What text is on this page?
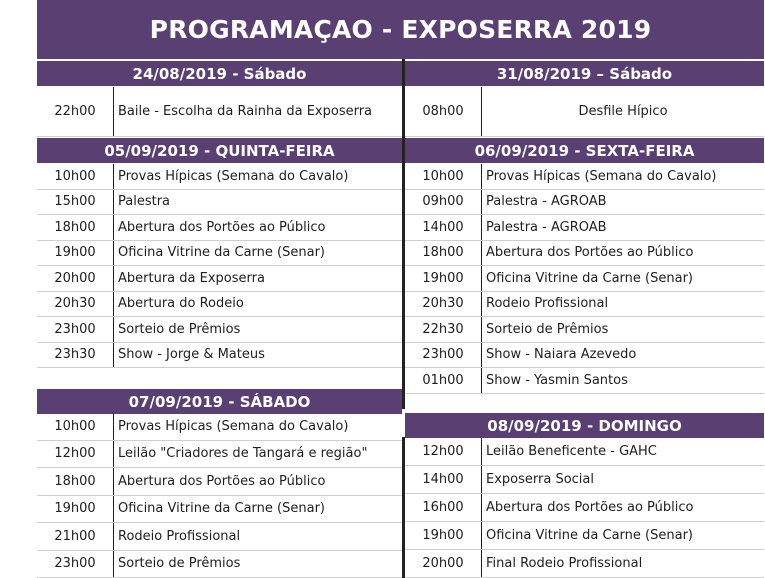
PROGRAMAÇAO - EXPOSERRA 2019
24/08/2019 - Sábado
22h00	Baile - Escolha da Rainha da Exposerra
31/08/2019 – Sábado
08h00	Desfile Hípico
05/09/2019 - QUINTA-FEIRA
10h00	Provas Hípicas (Semana do Cavalo)
15h00	Palestra
18h00	Abertura dos Portões ao Público
19h00	Oficina Vitrine da Carne (Senar)
20h00	Abertura da Exposerra
20h30	Abertura do Rodeio
23h00	Sorteio de Prêmios
23h30	Show - Jorge & Mateus
06/09/2019 - SEXTA-FEIRA
10h00	Provas Hípicas (Semana do Cavalo)
09h00	Palestra - AGROAB
14h00	Palestra - AGROAB
18h00	Abertura dos Portões ao Público
19h00	Oficina Vitrine da Carne (Senar)
20h30	Rodeio Profissional
22h30	Sorteio de Prêmios
23h00	Show - Naiara Azevedo
01h00	Show - Yasmin Santos
07/09/2019 - SÁBADO
10h00	Provas Hípicas (Semana do Cavalo)
12h00	Leilão "Criadores de Tangará e região"
18h00	Abertura dos Portões ao Público
19h00	Oficina Vitrine da Carne (Senar)
21h00	Rodeio Profissional
23h00	Sorteio de Prêmios
08/09/2019 - DOMINGO
12h00	Leilão Beneficente - GAHC
14h00	Exposerra Social
16h00	Abertura dos Portões ao Público
19h00	Oficina Vitrine da Carne (Senar)
20h00	Final Rodeio Profissional
